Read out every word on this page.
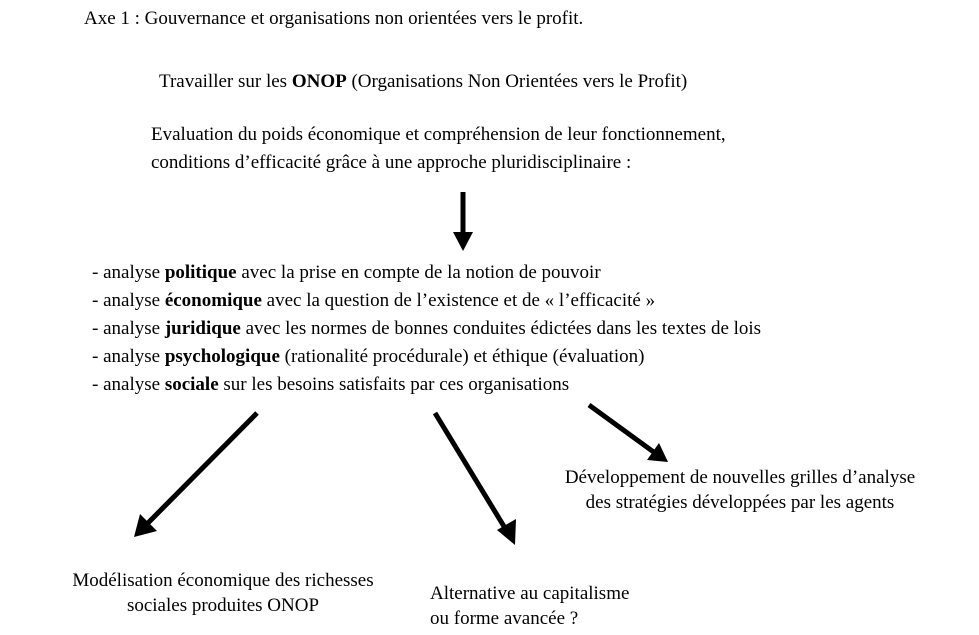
Axe 1 : Gouvernance et organisations non orientées vers le profit.
Travailler sur les ONOP (Organisations Non Orientées vers le Profit)
Evaluation du poids économique et compréhension de leur fonctionnement,
conditions d’efficacité grâce à une approche pluridisciplinaire :
- analyse politique avec la prise en compte de la notion de pouvoir
- analyse économique avec la question de l’existence et de « l’efficacité »
- analyse juridique avec les normes de bonnes conduites édictées dans les textes de lois
- analyse psychologique (rationalité procédurale) et éthique (évaluation)
- analyse sociale sur les besoins satisfaits par ces organisations
Développement de nouvelles grilles d’analyse
des stratégies développées par les agents
Modélisation économique des richesses
sociales produites ONOP
Alternative au capitalisme
ou forme avancée ?
